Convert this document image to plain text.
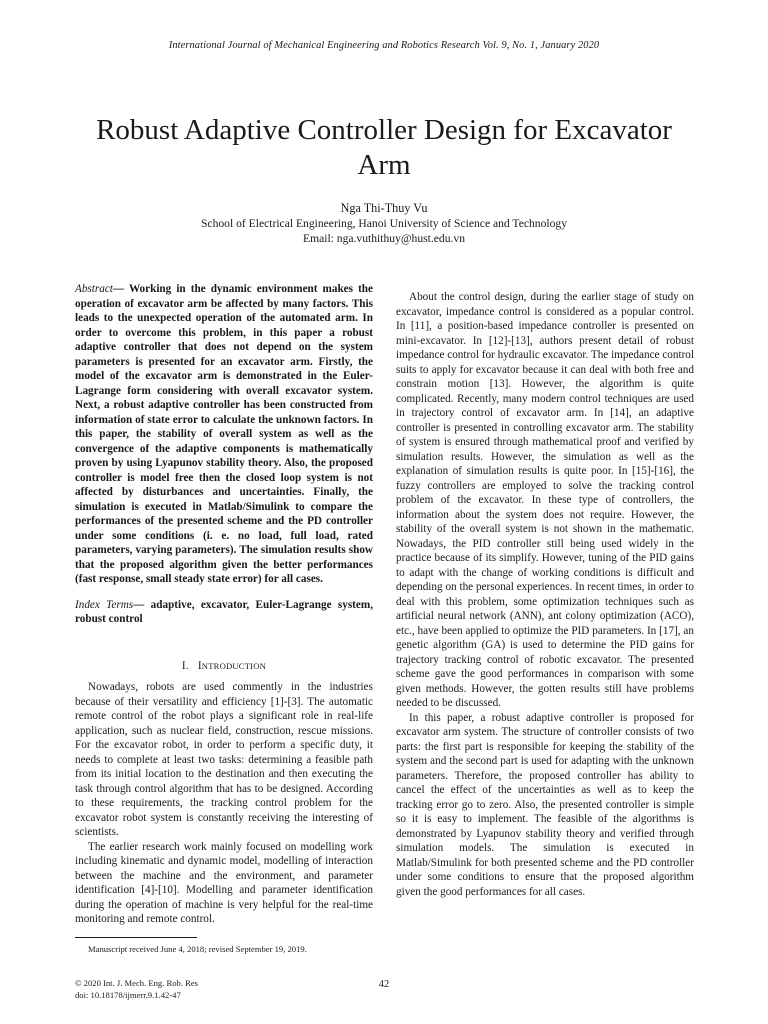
International Journal of Mechanical Engineering and Robotics Research Vol. 9, No. 1, January 2020
Robust Adaptive Controller Design for Excavator
Arm
Nga Thi-Thuy Vu
School of Electrical Engineering, Hanoi University of Science and Technology
Email: nga.vuthithuy@hust.edu.vn

Abstract— Working in the dynamic environment makes the operation of excavator arm be affected by many factors. This leads to the unexpected operation of the automated arm. In order to overcome this problem, in this paper a robust adaptive controller that does not depend on the system parameters is presented for an excavator arm. Firstly, the model of the excavator arm is demonstrated in the Euler-Lagrange form considering with overall excavator system. Next, a robust adaptive controller has been constructed from information of state error to calculate the unknown factors. In this paper, the stability of overall system as well as the convergence of the adaptive components is mathematically proven by using Lyapunov stability theory. Also, the proposed controller is model free then the closed loop system is not affected by disturbances and uncertainties. Finally, the simulation is executed in Matlab/Simulink to compare the performances of the presented scheme and the PD controller under some conditions (i. e. no load, full load, rated parameters, varying parameters). The simulation results show that the proposed algorithm given the better performances (fast response, small steady state error) for all cases.

Index Terms— adaptive, excavator, Euler-Lagrange system, robust control

I. INTRODUCTION

Nowadays, robots are used commently in the industries because of their versatility and efficiency [1]-[3]. The automatic remote control of the robot plays a significant role in real-life application, such as nuclear field, construction, rescue missions. For the excavator robot, in order to perform a specific duty, it needs to complete at least two tasks: determining a feasible path from its initial location to the destination and then executing the task through control algorithm that has to be designed. According to these requirements, the tracking control problem for the excavator robot system is constantly receiving the interesting of scientists.

The earlier research work mainly focused on modelling work including kinematic and dynamic model, modelling of interaction between the machine and the environment, and parameter identification [4]-[10]. Modelling and parameter identification during the operation of machine is very helpful for the real-time monitoring and remote control.

About the control design, during the earlier stage of study on excavator, impedance control is considered as a popular control. In [11], a position-based impedance controller is presented on mini-excavator. In [12]-[13], authors present detail of robust impedance control for hydraulic excavator. The impedance control suits to apply for excavator because it can deal with both free and constrain motion [13]. However, the algorithm is quite complicated. Recently, many modern control techniques are used in trajectory control of excavator arm. In [14], an adaptive controller is presented in controlling excavator arm. The stability of system is ensured through mathematical proof and verified by simulation results. However, the simulation as well as the explanation of simulation results is quite poor. In [15]-[16], the fuzzy controllers are employed to solve the tracking control problem of the excavator. In these type of controllers, the information about the system does not require. However, the stability of the overall system is not shown in the mathematic. Nowadays, the PID controller still being used widely in the practice because of its simplify. However, tuning of the PID gains to adapt with the change of working conditions is difficult and depending on the personal experiences. In recent times, in order to deal with this problem, some optimization techniques such as artificial neural network (ANN), ant colony optimization (ACO), etc., have been applied to optimize the PID parameters. In [17], an genetic algorithm (GA) is used to determine the PID gains for trajectory tracking control of robotic excavator. The presented scheme gave the good performances in comparison with some given methods. However, the gotten results still have problems needed to be discussed.

In this paper, a robust adaptive controller is proposed for excavator arm system. The structure of controller consists of two parts: the first part is responsible for keeping the stability of the system and the second part is used for adapting with the unknown parameters. Therefore, the proposed controller has ability to cancel the effect of the uncertainties as well as to keep the tracking error go to zero. Also, the presented controller is simple so it is easy to implement. The feasible of the algorithms is demonstrated by Lyapunov stability theory and verified through simulation models. The simulation is executed in Matlab/Simulink for both presented scheme and the PD controller under some conditions to ensure that the proposed algorithm given the good performances for all cases.

Manuscript received June 4, 2018; revised September 19, 2019.
© 2020 Int. J. Mech. Eng. Rob. Res
doi: 10.18178/ijmerr.9.1.42-47
42
